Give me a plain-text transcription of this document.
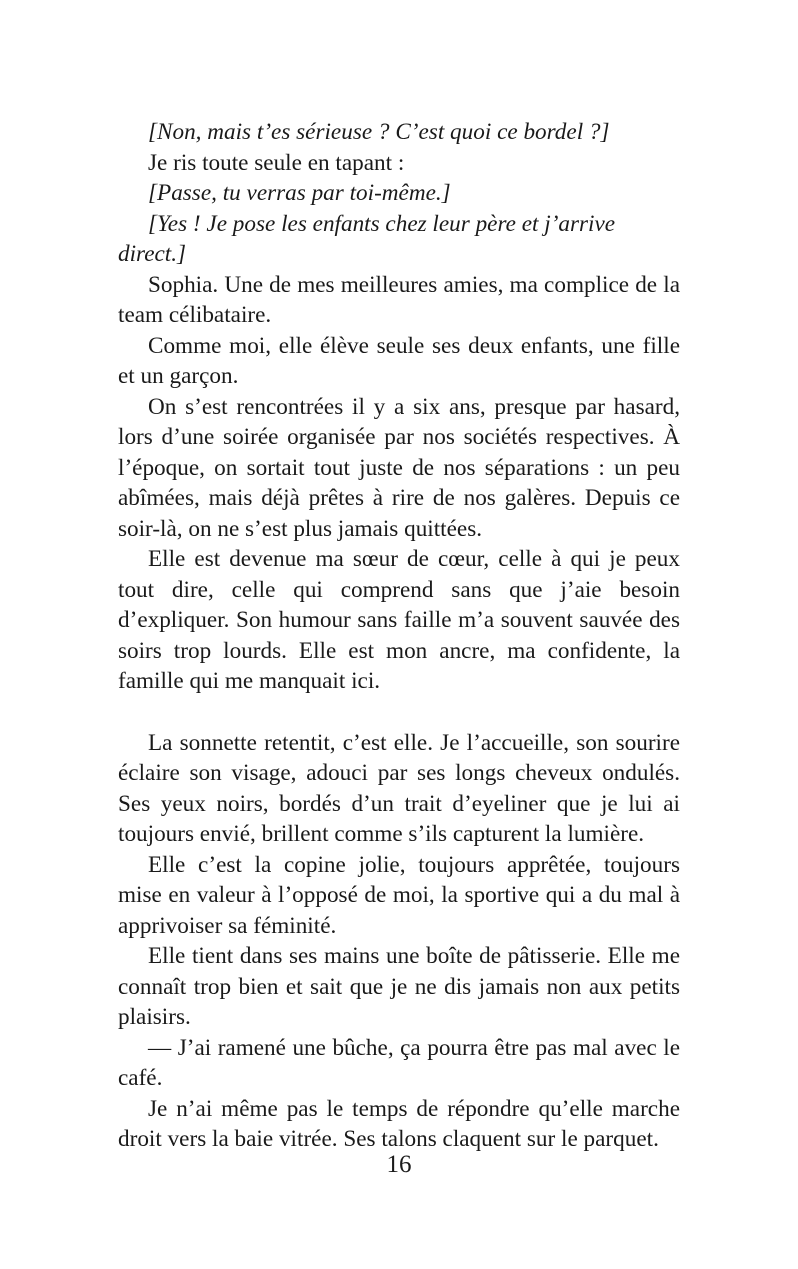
[Non, mais t’es sérieuse ? C’est quoi ce bordel ?]

Je ris toute seule en tapant :

[Passe, tu verras par toi-même.]

[Yes ! Je pose les enfants chez leur père et j’arrive direct.]

Sophia. Une de mes meilleures amies, ma complice de la team célibataire.

Comme moi, elle élève seule ses deux enfants, une fille et un garçon.

On s’est rencontrées il y a six ans, presque par hasard, lors d’une soirée organisée par nos sociétés respectives. À l’époque, on sortait tout juste de nos séparations : un peu abîmées, mais déjà prêtes à rire de nos galères. Depuis ce soir-là, on ne s’est plus jamais quittées.

Elle est devenue ma sœur de cœur, celle à qui je peux tout dire, celle qui comprend sans que j’aie besoin d’expliquer. Son humour sans faille m’a souvent sauvée des soirs trop lourds. Elle est mon ancre, ma confidente, la famille qui me manquait ici.

La sonnette retentit, c’est elle. Je l’accueille, son sourire éclaire son visage, adouci par ses longs cheveux ondulés. Ses yeux noirs, bordés d’un trait d’eyeliner que je lui ai toujours envié, brillent comme s’ils capturent la lumière.

Elle c’est la copine jolie, toujours apprêtée, toujours mise en valeur à l’opposé de moi, la sportive qui a du mal à apprivoiser sa féminité.

Elle tient dans ses mains une boîte de pâtisserie. Elle me connaît trop bien et sait que je ne dis jamais non aux petits plaisirs.

— J’ai ramené une bûche, ça pourra être pas mal avec le café.

Je n’ai même pas le temps de répondre qu’elle marche droit vers la baie vitrée. Ses talons claquent sur le parquet.

16
